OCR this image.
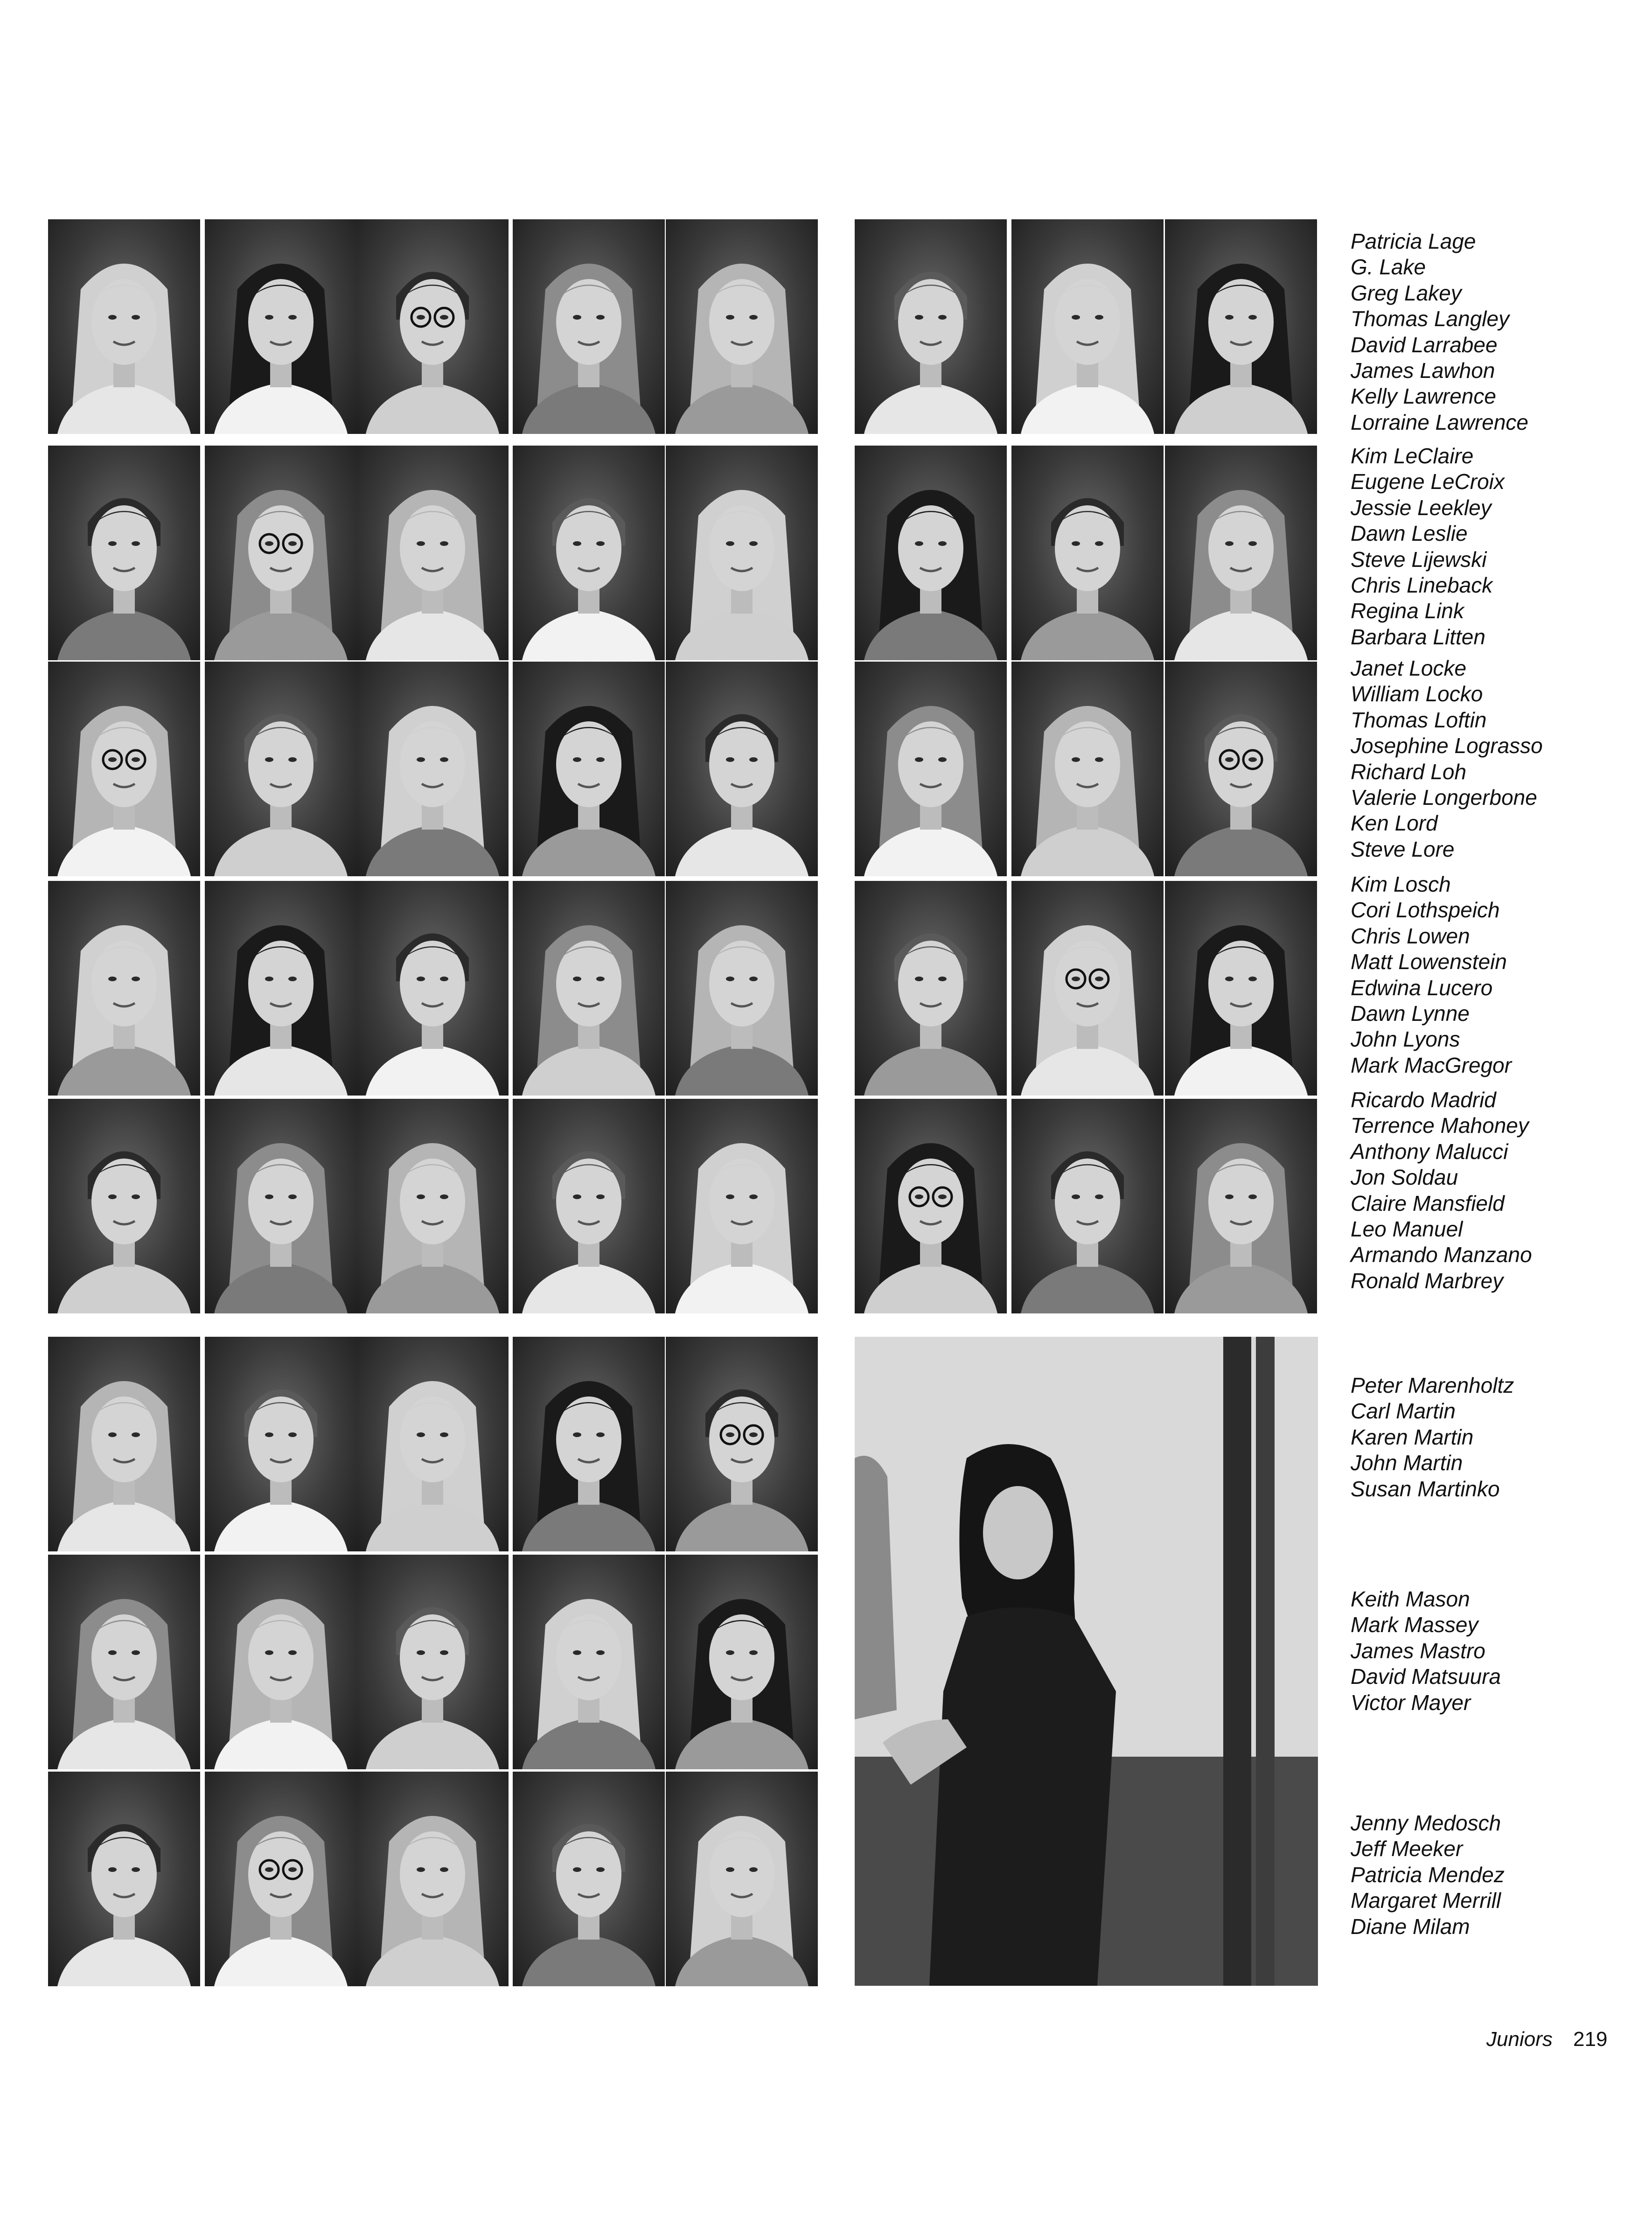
Patricia Lage
G. Lake
Greg Lakey
Thomas Langley
David Larrabee
James Lawhon
Kelly Lawrence
Lorraine Lawrence
Kim LeClaire
Eugene LeCroix
Jessie Leekley
Dawn Leslie
Steve Lijewski
Chris Lineback
Regina Link
Barbara Litten
Janet Locke
William Locko
Thomas Loftin
Josephine Lograsso
Richard Loh
Valerie Longerbone
Ken Lord
Steve Lore
Kim Losch
Cori Lothspeich
Chris Lowen
Matt Lowenstein
Edwina Lucero
Dawn Lynne
John Lyons
Mark MacGregor
Ricardo Madrid
Terrence Mahoney
Anthony Malucci
Jon Soldau
Claire Mansfield
Leo Manuel
Armando Manzano
Ronald Marbrey
Peter Marenholtz
Carl Martin
Karen Martin
John Martin
Susan Martinko
Keith Mason
Mark Massey
James Mastro
David Matsuura
Victor Mayer
Jenny Medosch
Jeff Meeker
Patricia Mendez
Margaret Merrill
Diane Milam
Juniors 219
